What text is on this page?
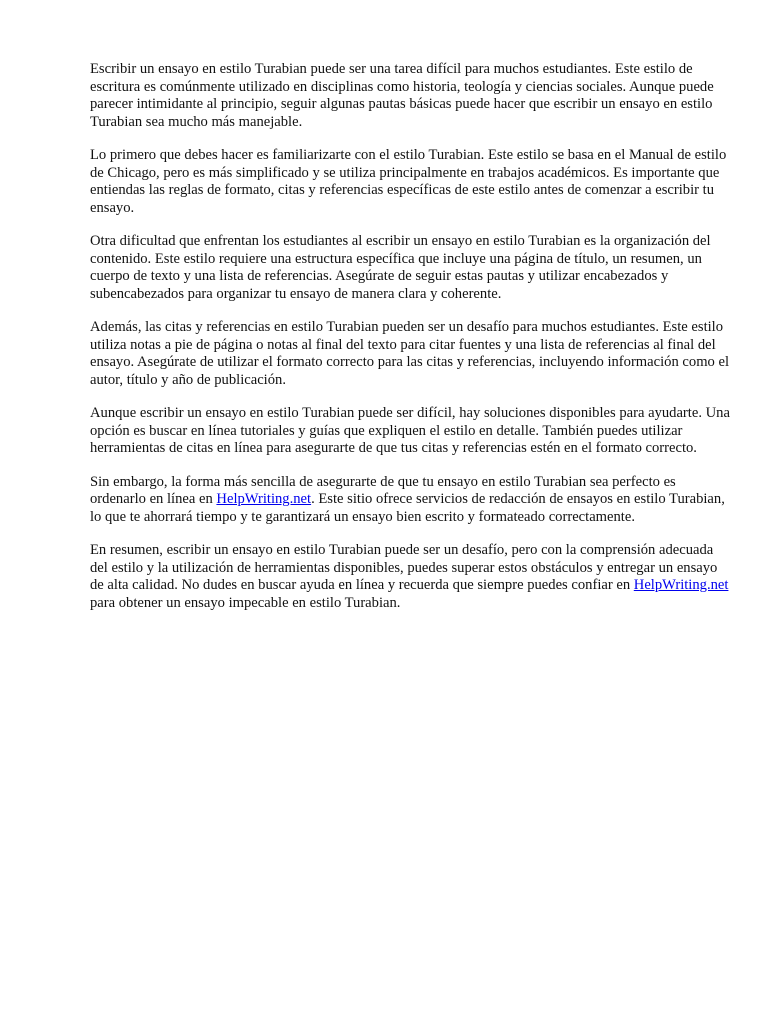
Escribir un ensayo en estilo Turabian puede ser una tarea difícil para muchos estudiantes. Este estilo de escritura es comúnmente utilizado en disciplinas como historia, teología y ciencias sociales. Aunque puede parecer intimidante al principio, seguir algunas pautas básicas puede hacer que escribir un ensayo en estilo Turabian sea mucho más manejable.

Lo primero que debes hacer es familiarizarte con el estilo Turabian. Este estilo se basa en el Manual de estilo de Chicago, pero es más simplificado y se utiliza principalmente en trabajos académicos. Es importante que entiendas las reglas de formato, citas y referencias específicas de este estilo antes de comenzar a escribir tu ensayo.

Otra dificultad que enfrentan los estudiantes al escribir un ensayo en estilo Turabian es la organización del contenido. Este estilo requiere una estructura específica que incluye una página de título, un resumen, un cuerpo de texto y una lista de referencias. Asegúrate de seguir estas pautas y utilizar encabezados y subencabezados para organizar tu ensayo de manera clara y coherente.

Además, las citas y referencias en estilo Turabian pueden ser un desafío para muchos estudiantes. Este estilo utiliza notas a pie de página o notas al final del texto para citar fuentes y una lista de referencias al final del ensayo. Asegúrate de utilizar el formato correcto para las citas y referencias, incluyendo información como el autor, título y año de publicación.

Aunque escribir un ensayo en estilo Turabian puede ser difícil, hay soluciones disponibles para ayudarte. Una opción es buscar en línea tutoriales y guías que expliquen el estilo en detalle. También puedes utilizar herramientas de citas en línea para asegurarte de que tus citas y referencias estén en el formato correcto.

Sin embargo, la forma más sencilla de asegurarte de que tu ensayo en estilo Turabian sea perfecto es ordenarlo en línea en HelpWriting.net. Este sitio ofrece servicios de redacción de ensayos en estilo Turabian, lo que te ahorrará tiempo y te garantizará un ensayo bien escrito y formateado correctamente.

En resumen, escribir un ensayo en estilo Turabian puede ser un desafío, pero con la comprensión adecuada del estilo y la utilización de herramientas disponibles, puedes superar estos obstáculos y entregar un ensayo de alta calidad. No dudes en buscar ayuda en línea y recuerda que siempre puedes confiar en HelpWriting.net para obtener un ensayo impecable en estilo Turabian.
